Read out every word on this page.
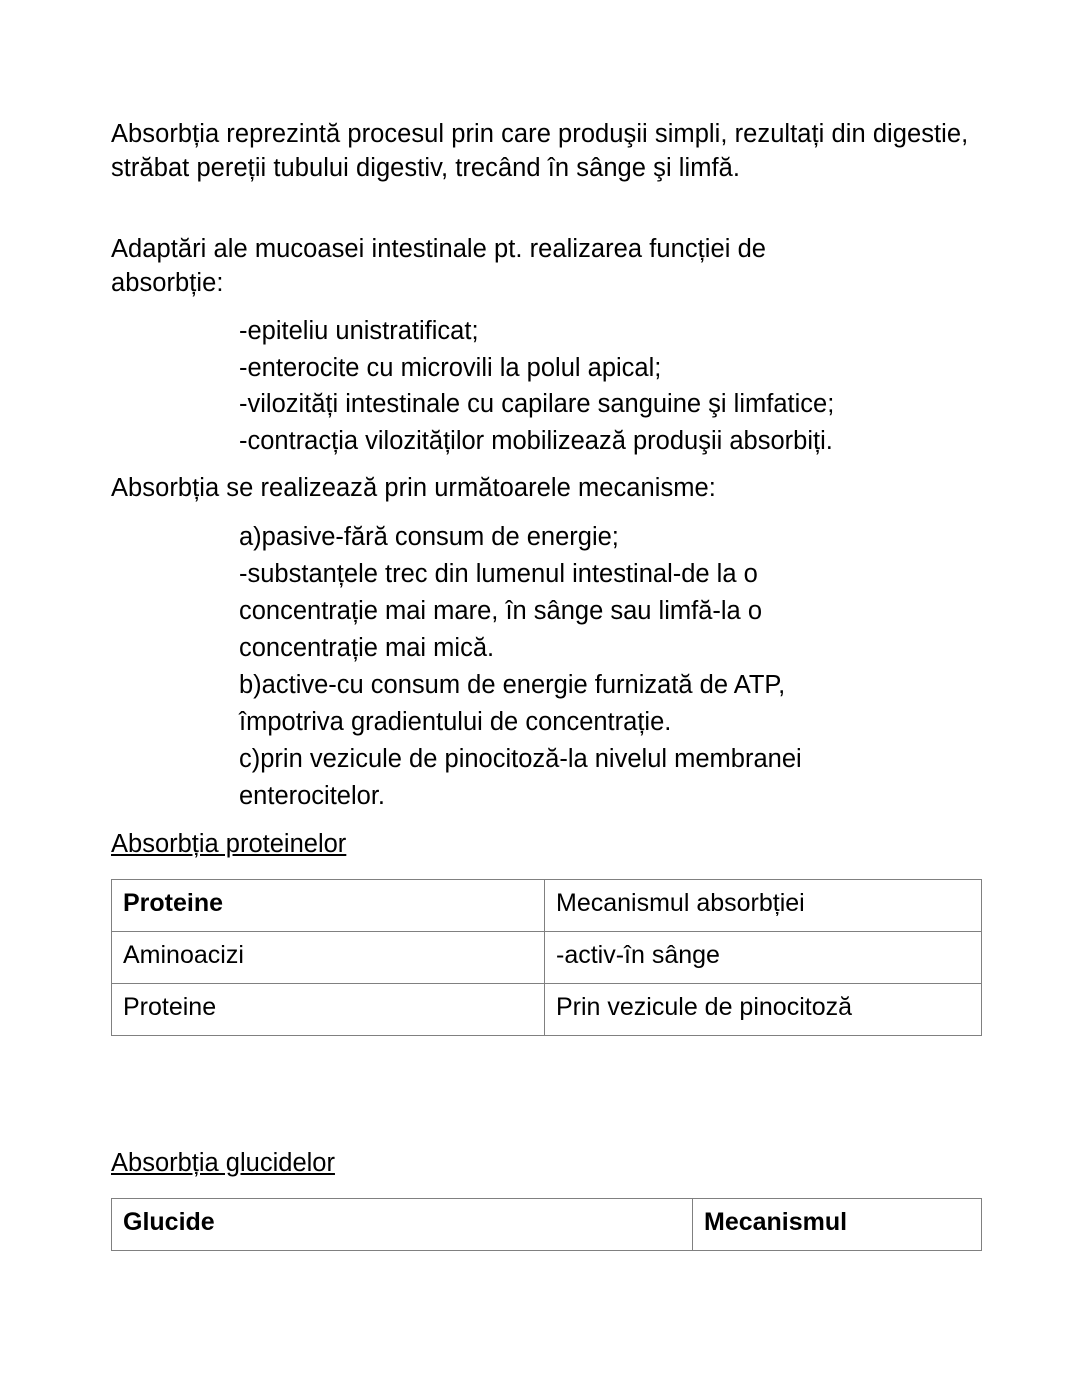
Absorbția reprezintă procesul prin care produşii simpli, rezultați din digestie, străbat pereții tubului digestiv, trecând în sânge şi limfă.

Adaptări ale mucoasei intestinale pt. realizarea funcției de absorbție:

-epiteliu unistratificat;
-enterocite cu microvili la polul apical;
-vilozități intestinale cu capilare sanguine şi limfatice;
-contracția vilozităților mobilizează produşii absorbiți.

Absorbția se realizează prin următoarele mecanisme:

a)pasive-fără consum de energie;
-substanțele trec din lumenul intestinal-de la o concentrație mai mare, în sânge sau limfă-la o concentrație mai mică.
b)active-cu consum de energie furnizată de ATP, împotriva gradientului de concentrație.
c)prin vezicule de pinocitoză-la nivelul membranei enterocitelor.
Absorbția proteinelor
Proteine	Mecanismul absorbției
Aminoacizi	-activ-în sânge
Proteine	Prin vezicule de pinocitoză
Absorbția glucidelor
Glucide	Mecanismul
